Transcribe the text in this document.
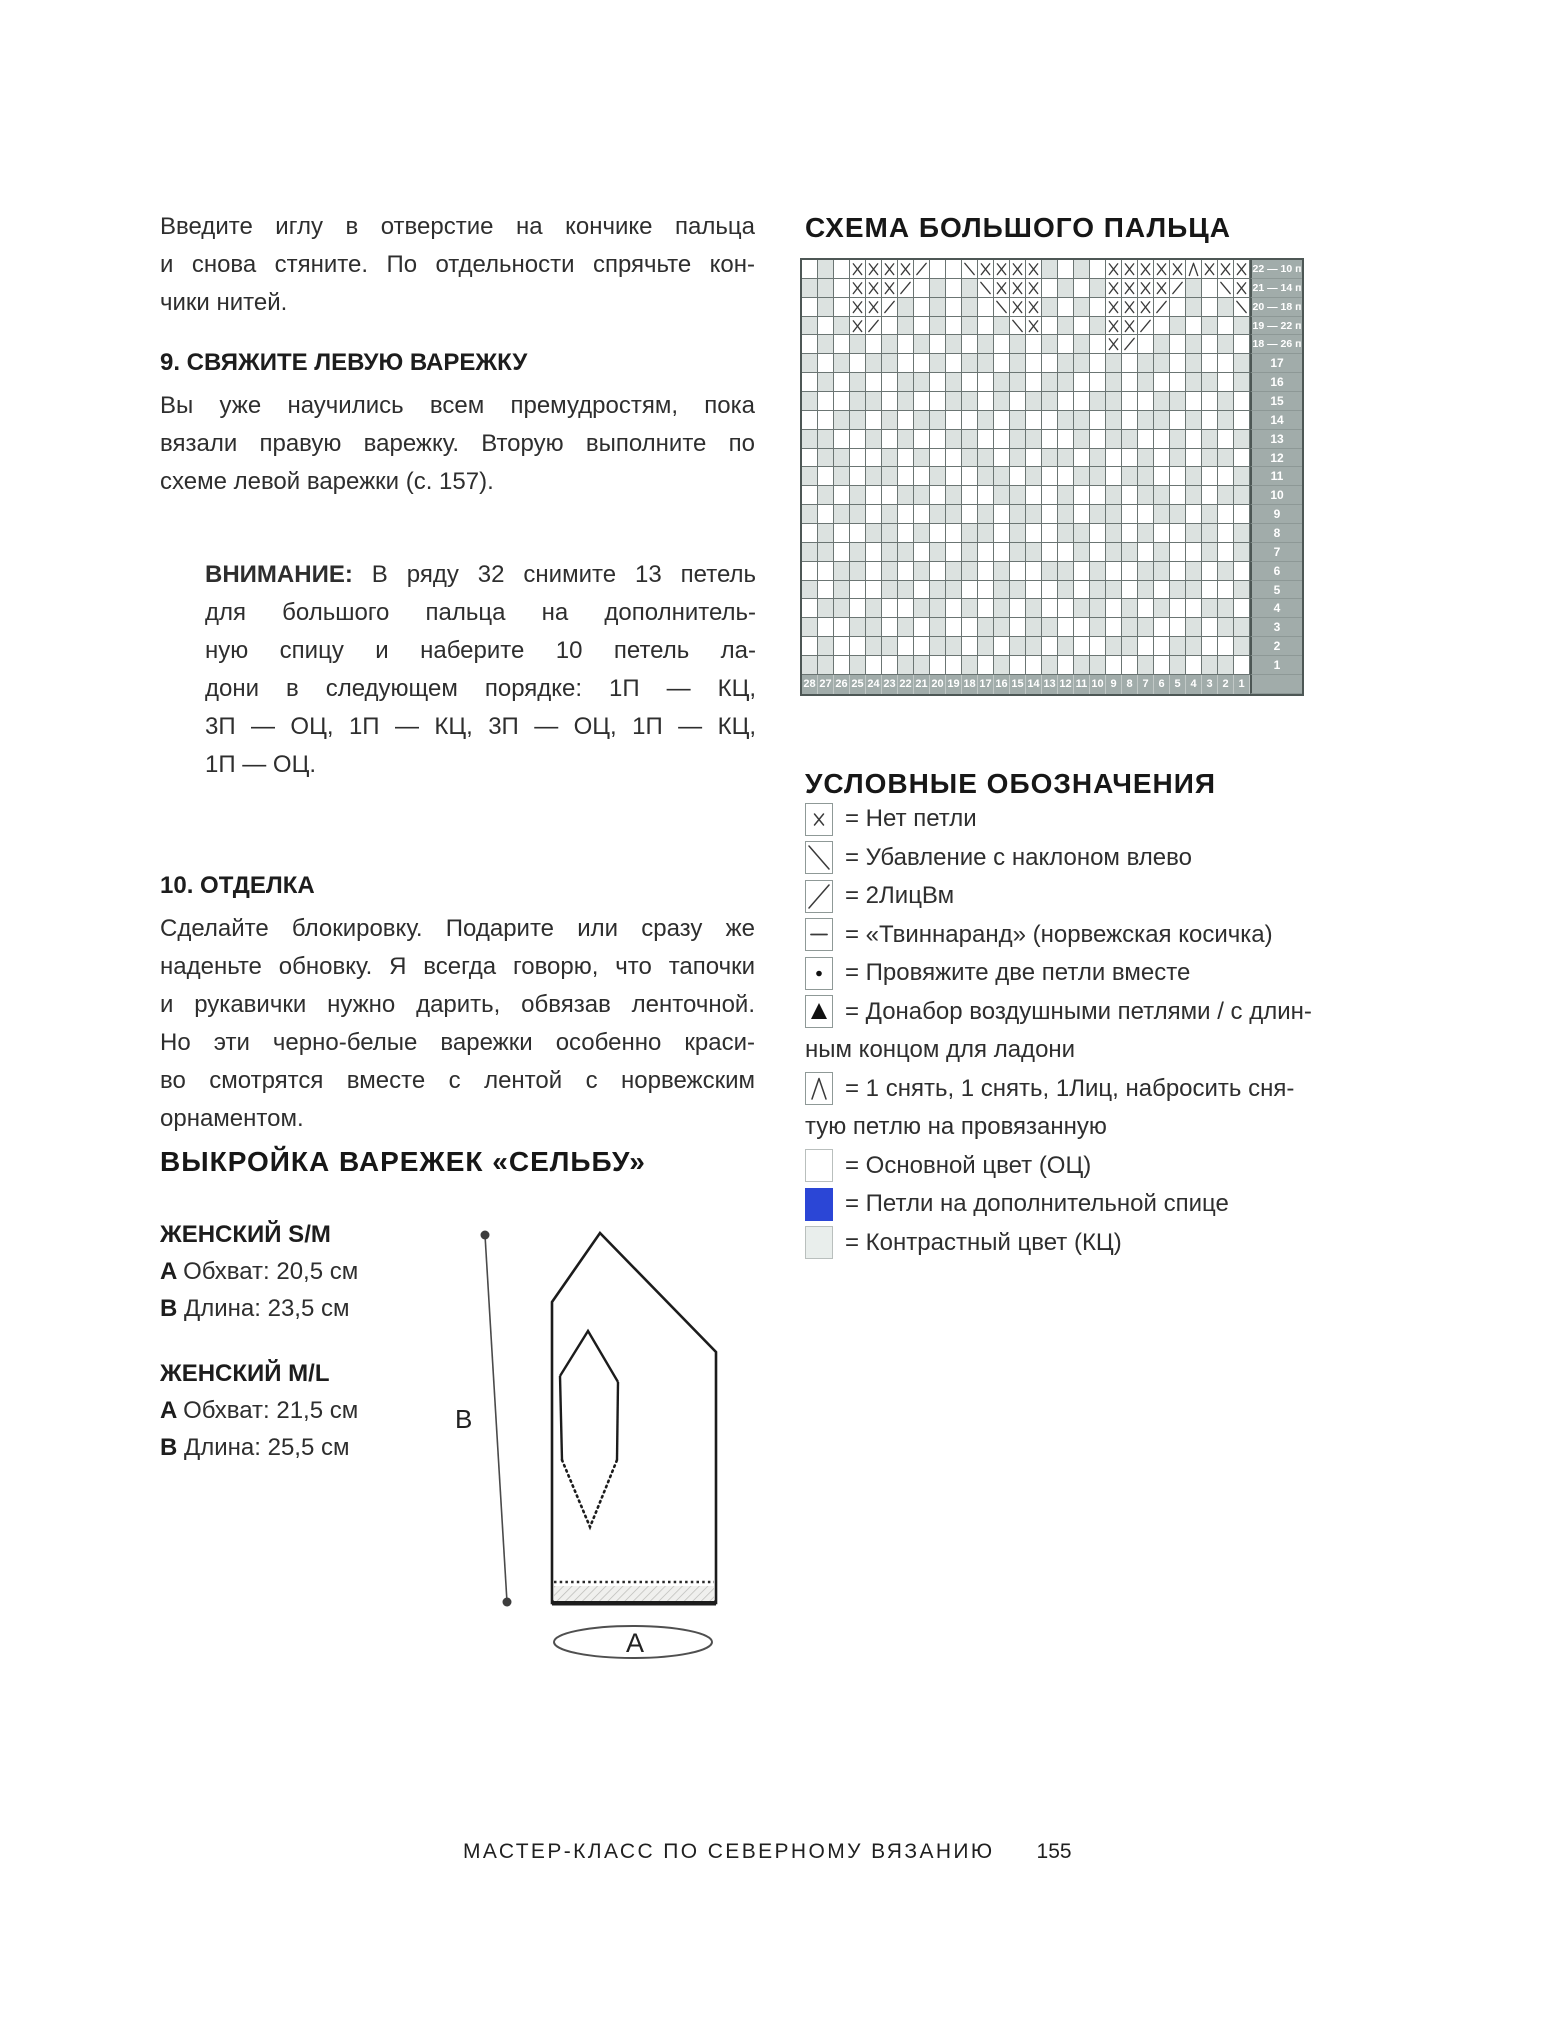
Введите иглу в отверстие на кончике пальца
и снова стяните. По отдельности спрячьте кон-
чики нитей.
9. СВЯЖИТЕ ЛЕВУЮ ВАРЕЖКУ
Вы уже научились всем премудростям, пока
вязали правую варежку. Вторую выполните по
схеме левой варежки (с. 157).
ВНИМАНИЕ: В ряду 32 снимите 13 петель
для большого пальца на дополнитель-
ную спицу и наберите 10 петель ла-
дони в следующем порядке: 1П — КЦ,
3П — ОЦ, 1П — КЦ, 3П — ОЦ, 1П — КЦ,
1П — ОЦ.
10. ОТДЕЛКА
Сделайте блокировку. Подарите или сразу же
наденьте обновку. Я всегда говорю, что тапочки
и рукавички нужно дарить, обвязав ленточной.
Но эти черно-белые варежки особенно краси-
во смотрятся вместе с лентой с норвежским
орнаментом.
ВЫКРОЙКА ВАРЕЖЕК «СЕЛЬБУ»
ЖЕНСКИЙ S/M
A Обхват: 20,5 см
B Длина: 23,5 см
ЖЕНСКИЙ M/L
A Обхват: 21,5 см
B Длина: 25,5 см
B
A
СХЕМА БОЛЬШОГО ПАЛЬЦА
22 — 10 п
21 — 14 п
20 — 18 п
19 — 22 п
18 — 26 п
17
16
15
14
13
12
11
10
9
8
7
6
5
4
3
2
1
28 27 26 25 24 23 22 21 20 19 18 17 16 15 14 13 12 11 10 9 8 7 6 5 4 3 2 1
УСЛОВНЫЕ ОБОЗНАЧЕНИЯ
= Нет петли
= Убавление с наклоном влево
= 2ЛицВм
= «Твиннаранд» (норвежская косичка)
= Провяжите две петли вместе
= Донабор воздушными петлями / с длин-
ным концом для ладони
= 1 снять, 1 снять, 1Лиц, набросить сня-
тую петлю на провязанную
= Основной цвет (ОЦ)
= Петли на дополнительной спице
= Контрастный цвет (КЦ)
МАСТЕР-КЛАСС ПО СЕВЕРНОМУ ВЯЗАНИЮ 155
